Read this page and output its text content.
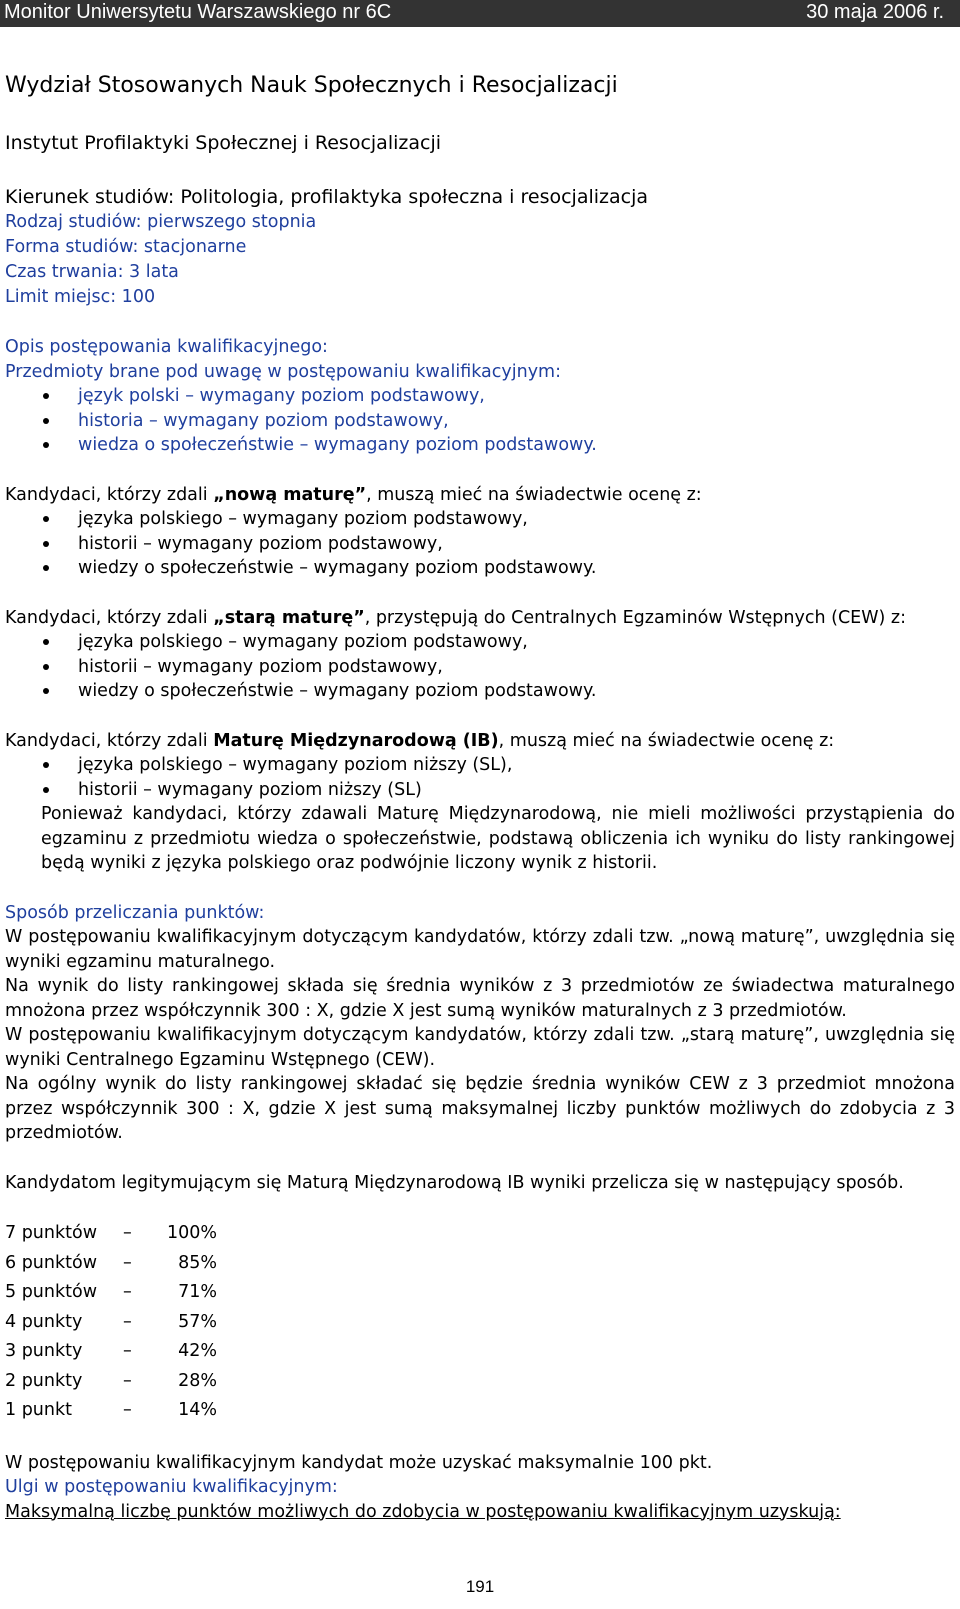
Monitor Uniwersytetu Warszawskiego nr 6C	30 maja 2006 r.
Wydział Stosowanych Nauk Społecznych i Resocjalizacji
Instytut Profilaktyki Społecznej i Resocjalizacji
Kierunek studiów: Politologia, profilaktyka społeczna i resocjalizacja
Rodzaj studiów: pierwszego stopnia
Forma studiów: stacjonarne
Czas trwania: 3 lata
Limit miejsc: 100
Opis postępowania kwalifikacyjnego:
Przedmioty brane pod uwagę w postępowaniu kwalifikacyjnym:
język polski – wymagany poziom podstawowy,
historia – wymagany poziom podstawowy,
wiedza o społeczeństwie – wymagany poziom podstawowy.
Kandydaci, którzy zdali „nową maturę”, muszą mieć na świadectwie ocenę z:
języka polskiego – wymagany poziom podstawowy,
historii – wymagany poziom podstawowy,
wiedzy o społeczeństwie – wymagany poziom podstawowy.
Kandydaci, którzy zdali „starą maturę”, przystępują do Centralnych Egzaminów Wstępnych (CEW) z:
języka polskiego – wymagany poziom podstawowy,
historii – wymagany poziom podstawowy,
wiedzy o społeczeństwie – wymagany poziom podstawowy.
Kandydaci, którzy zdali Maturę Międzynarodową (IB), muszą mieć na świadectwie ocenę z:
języka polskiego – wymagany poziom niższy (SL),
historii – wymagany poziom niższy (SL)
Ponieważ kandydaci, którzy zdawali Maturę Międzynarodową, nie mieli możliwości przystąpienia do egzaminu z przedmiotu wiedza o społeczeństwie, podstawą obliczenia ich wyniku do listy rankingowej będą wyniki z języka polskiego oraz podwójnie liczony wynik z historii.
Sposób przeliczania punktów:
W postępowaniu kwalifikacyjnym dotyczącym kandydatów, którzy zdali tzw. „nową maturę”, uwzględnia się wyniki egzaminu maturalnego.
Na wynik do listy rankingowej składa się średnia wyników z 3 przedmiotów ze świadectwa maturalnego mnożona przez współczynnik 300 : X, gdzie X jest sumą wyników maturalnych z 3 przedmiotów.
W postępowaniu kwalifikacyjnym dotyczącym kandydatów, którzy zdali tzw. „starą maturę”, uwzględnia się wyniki Centralnego Egzaminu Wstępnego (CEW).
Na ogólny wynik do listy rankingowej składać się będzie średnia wyników CEW z 3 przedmiot mnożona przez współczynnik 300 : X, gdzie X jest sumą maksymalnej liczby punktów możliwych do zdobycia z 3 przedmiotów.
Kandydatom legitymującym się Maturą Międzynarodową IB wyniki przelicza się w następujący sposób.
7 punktów	–	100%
6 punktów	–	85%
5 punktów	–	71%
4 punkty	–	57%
3 punkty	–	42%
2 punkty	–	28%
1 punkt	–	14%
W postępowaniu kwalifikacyjnym kandydat może uzyskać maksymalnie 100 pkt.
Ulgi w postępowaniu kwalifikacyjnym:
Maksymalną liczbę punktów możliwych do zdobycia w postępowaniu kwalifikacyjnym uzyskują:
191
